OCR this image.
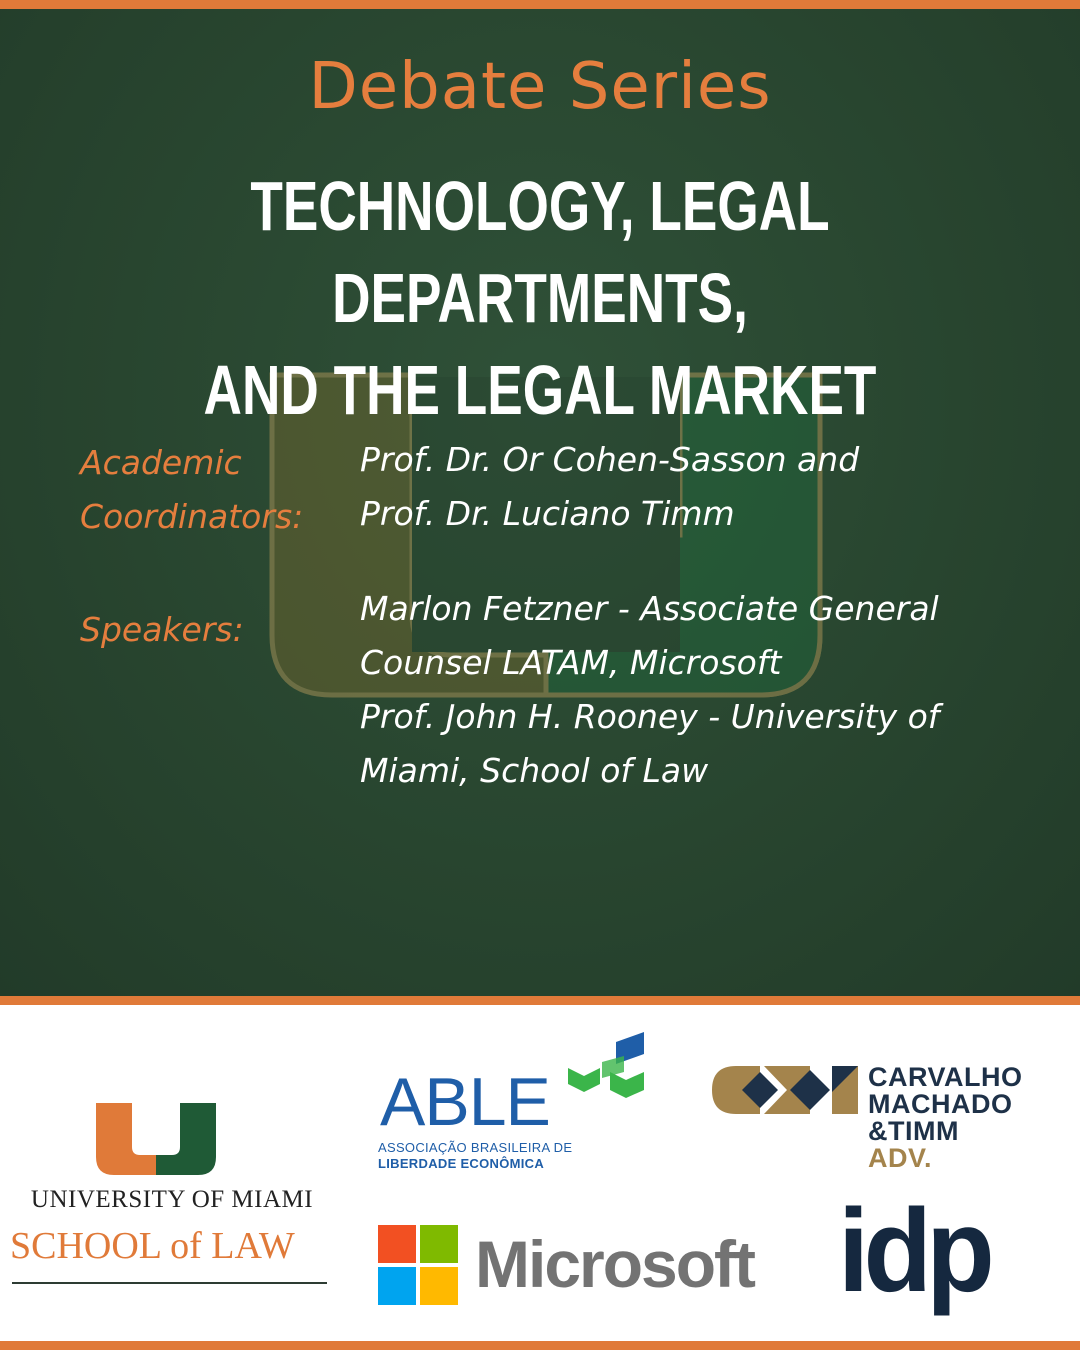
Debate Series
TECHNOLOGY, LEGAL DEPARTMENTS,
AND THE LEGAL MARKET
Academic
Coordinators:
Prof. Dr. Or Cohen-Sasson and
Prof. Dr. Luciano Timm
Speakers:
Marlon Fetzner - Associate General
Counsel LATAM, Microsoft
Prof. John H. Rooney - University of
Miami, School of Law
UNIVERSITY OF MIAMI
SCHOOL of LAW
ABLE
ASSOCIAÇÃO BRASILEIRA DE
LIBERDADE ECONÔMICA
CARVALHO
MACHADO
&TIMM
ADV.
Microsoft idp
